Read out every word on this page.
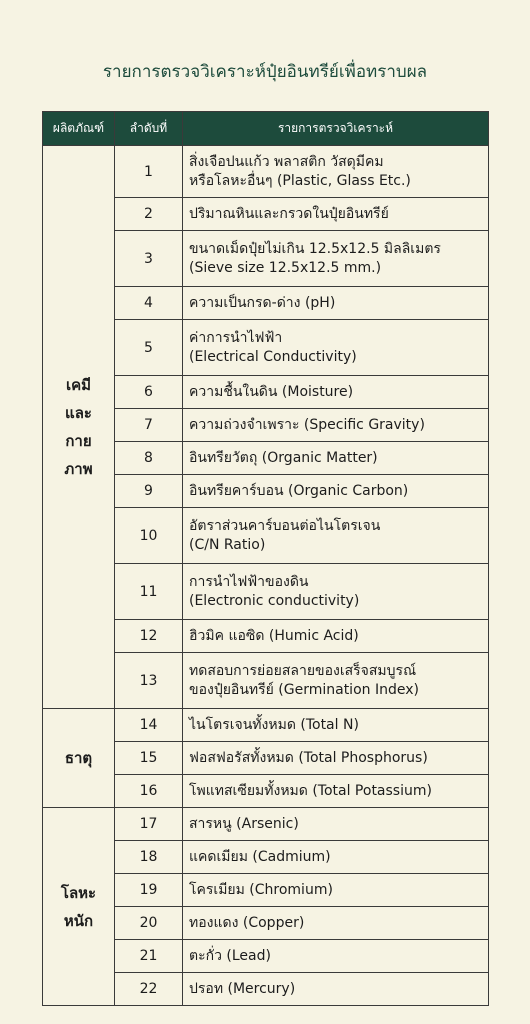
รายการตรวจวิเคราะห์ปุ๋ยอินทรีย์เพื่อทราบผล
ผลิตภัณฑ์	ลำดับที่	รายการตรวจวิเคราะห์
เคมี
และ
กาย
ภาพ	1	สิ่งเจือปนแก้ว พลาสติก วัสดุมีคม
หรือโลหะอื่นๆ (Plastic, Glass Etc.)
	2	ปริมาณหินและกรวดในปุ๋ยอินทรีย์
	3	ขนาดเม็ดปุ๋ยไม่เกิน 12.5x12.5 มิลลิเมตร
(Sieve size 12.5x12.5 mm.)
	4	ความเป็นกรด-ด่าง (pH)
	5	ค่าการนำไฟฟ้า
(Electrical Conductivity)
	6	ความชื้นในดิน (Moisture)
	7	ความถ่วงจำเพราะ (Specific Gravity)
	8	อินทรียวัตถุ (Organic Matter)
	9	อินทรียคาร์บอน (Organic Carbon)
	10	อัตราส่วนคาร์บอนต่อไนโตรเจน
(C/N Ratio)
	11	การนำไฟฟ้าของดิน
(Electronic conductivity)
	12	ฮิวมิค แอซิด (Humic Acid)
	13	ทดสอบการย่อยสลายของเสร็จสมบูรณ์
ของปุ๋ยอินทรีย์ (Germination Index)
ธาตุ	14	ไนโตรเจนทั้งหมด (Total N)
	15	ฟอสฟอรัสทั้งหมด (Total Phosphorus)
	16	โพแทสเซียมทั้งหมด (Total Potassium)
โลหะ
หนัก	17	สารหนู (Arsenic)
	18	แคดเมียม (Cadmium)
	19	โครเมียม (Chromium)
	20	ทองแดง (Copper)
	21	ตะกั่ว (Lead)
	22	ปรอท (Mercury)
